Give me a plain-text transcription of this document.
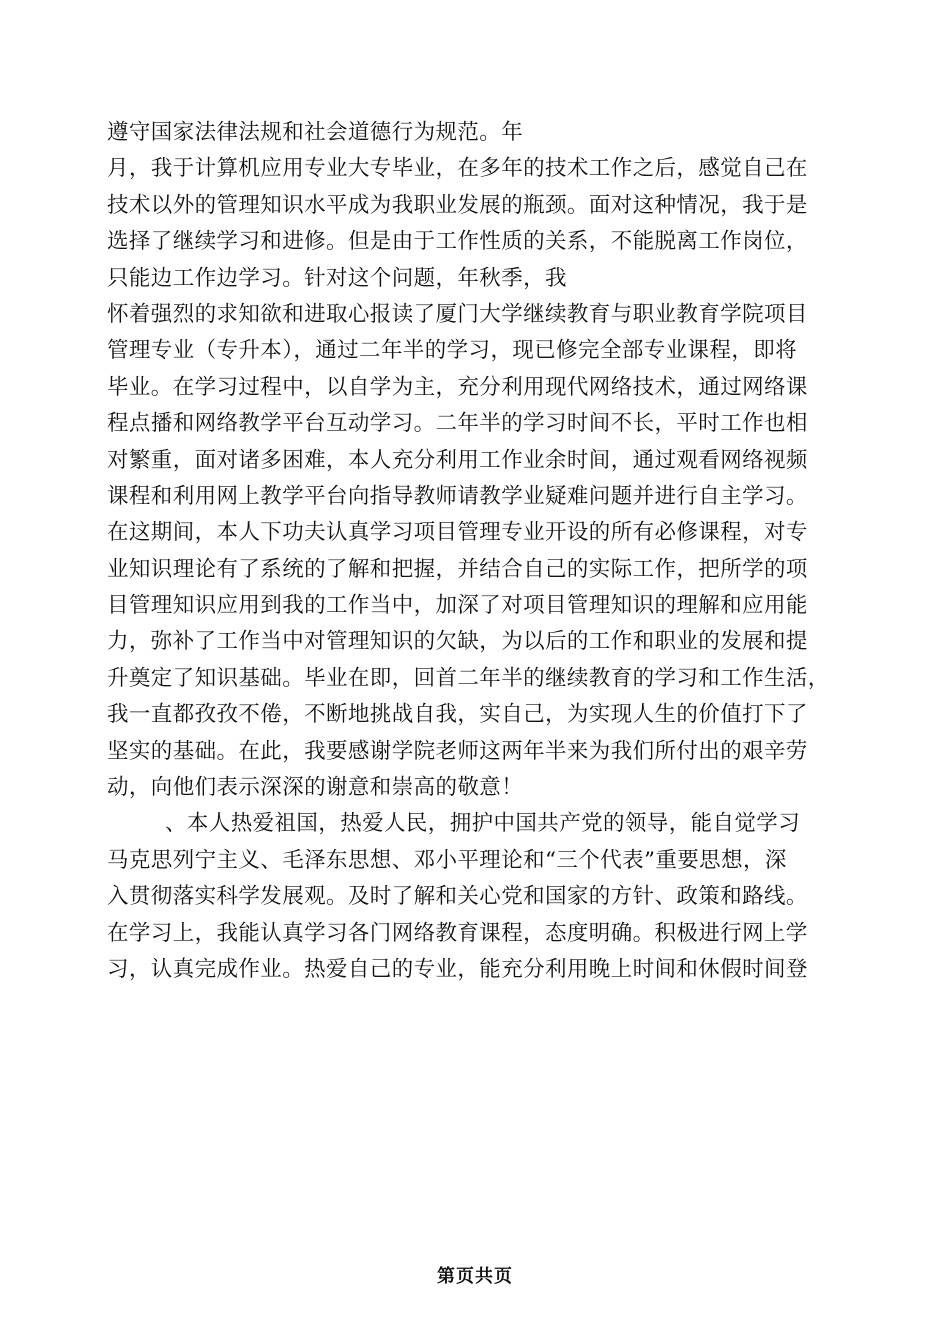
遵守国家法律法规和社会道德行为规范。年
月，我于计算机应用专业大专毕业，在多年的技术工作之后，感觉自己在
技术以外的管理知识水平成为我职业发展的瓶颈。面对这种情况，我于是
选择了继续学习和进修。但是由于工作性质的关系，不能脱离工作岗位，
只能边工作边学习。针对这个问题，年秋季，我
怀着强烈的求知欲和进取心报读了厦门大学继续教育与职业教育学院项目
管理专业（专升本），通过二年半的学习，现已修完全部专业课程，即将
毕业。在学习过程中，以自学为主，充分利用现代网络技术，通过网络课
程点播和网络教学平台互动学习。二年半的学习时间不长，平时工作也相
对繁重，面对诸多困难，本人充分利用工作业余时间，通过观看网络视频
课程和利用网上教学平台向指导教师请教学业疑难问题并进行自主学习。
在这期间，本人下功夫认真学习项目管理专业开设的所有必修课程，对专
业知识理论有了系统的了解和把握，并结合自己的实际工作，把所学的项
目管理知识应用到我的工作当中，加深了对项目管理知识的理解和应用能
力，弥补了工作当中对管理知识的欠缺，为以后的工作和职业的发展和提
升奠定了知识基础。毕业在即，回首二年半的继续教育的学习和工作生活，
我一直都孜孜不倦，不断地挑战自我，实自己，为实现人生的价值打下了
坚实的基础。在此，我要感谢学院老师这两年半来为我们所付出的艰辛劳
动，向他们表示深深的谢意和崇高的敬意！
、本人热爱祖国，热爱人民，拥护中国共产党的领导，能自觉学习
马克思列宁主义、毛泽东思想、邓小平理论和“三个代表”重要思想，深
入贯彻落实科学发展观。及时了解和关心党和国家的方针、政策和路线。
在学习上，我能认真学习各门网络教育课程，态度明确。积极进行网上学
习，认真完成作业。热爱自己的专业，能充分利用晚上时间和休假时间登
第页共页
